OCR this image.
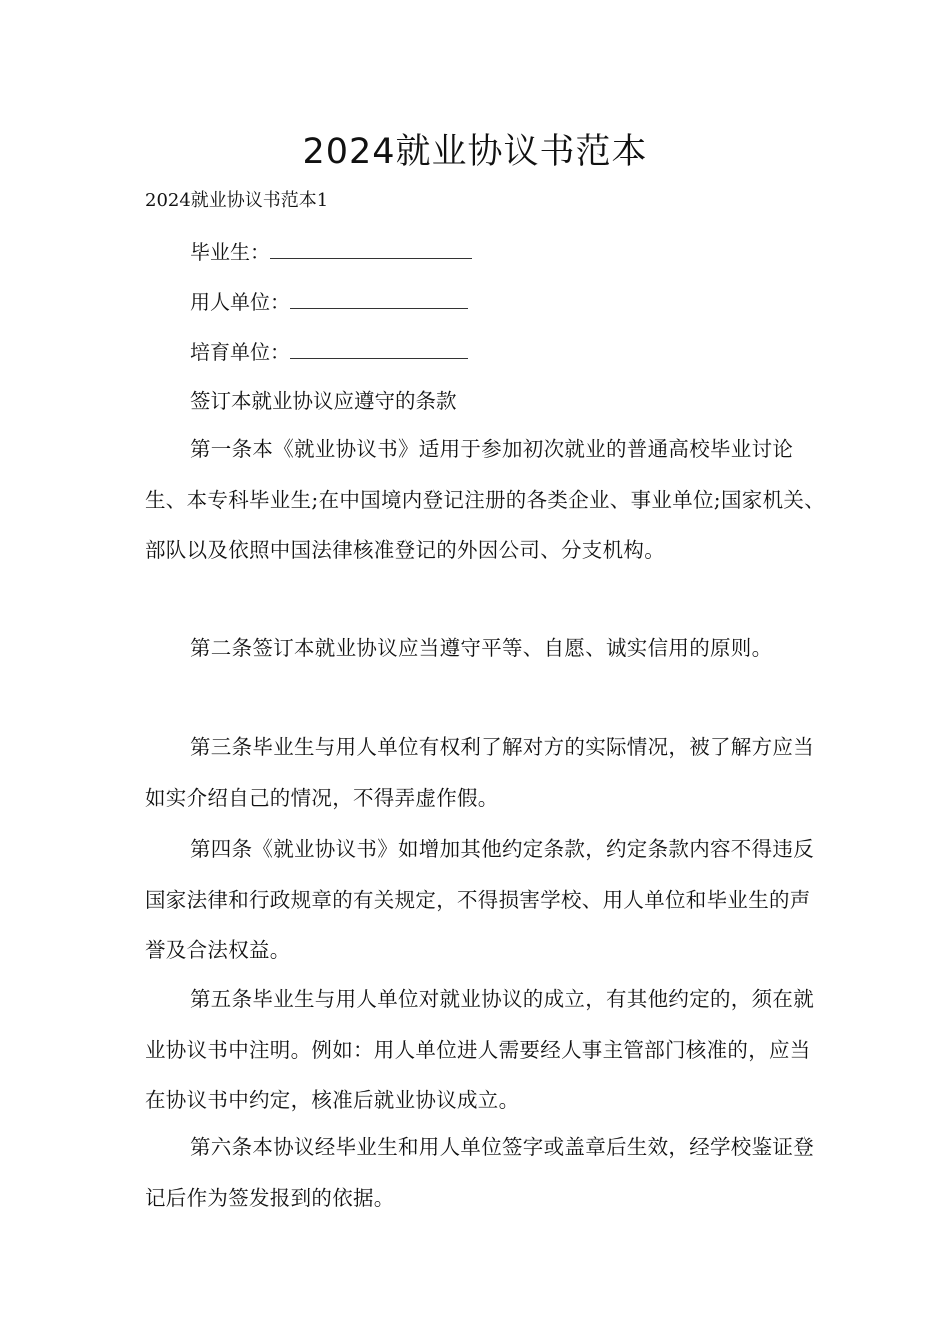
2024就业协议书范本

2024就业协议书范本1

毕业生：
用人单位：
培育单位：

签订本就业协议应遵守的条款

第一条本《就业协议书》适用于参加初次就业的普通高校毕业讨论生、本专科毕业生;在中国境内登记注册的各类企业、事业单位;国家机关、部队以及依照中国法律核准登记的外因公司、分支机构。

第二条签订本就业协议应当遵守平等、自愿、诚实信用的原则。

第三条毕业生与用人单位有权利了解对方的实际情况，被了解方应当如实介绍自己的情况，不得弄虚作假。

第四条《就业协议书》如增加其他约定条款，约定条款内容不得违反国家法律和行政规章的有关规定，不得损害学校、用人单位和毕业生的声誉及合法权益。

第五条毕业生与用人单位对就业协议的成立，有其他约定的，须在就业协议书中注明。例如：用人单位进人需要经人事主管部门核准的，应当在协议书中约定，核准后就业协议成立。

第六条本协议经毕业生和用人单位签字或盖章后生效，经学校鉴证登记后作为签发报到的依据。
